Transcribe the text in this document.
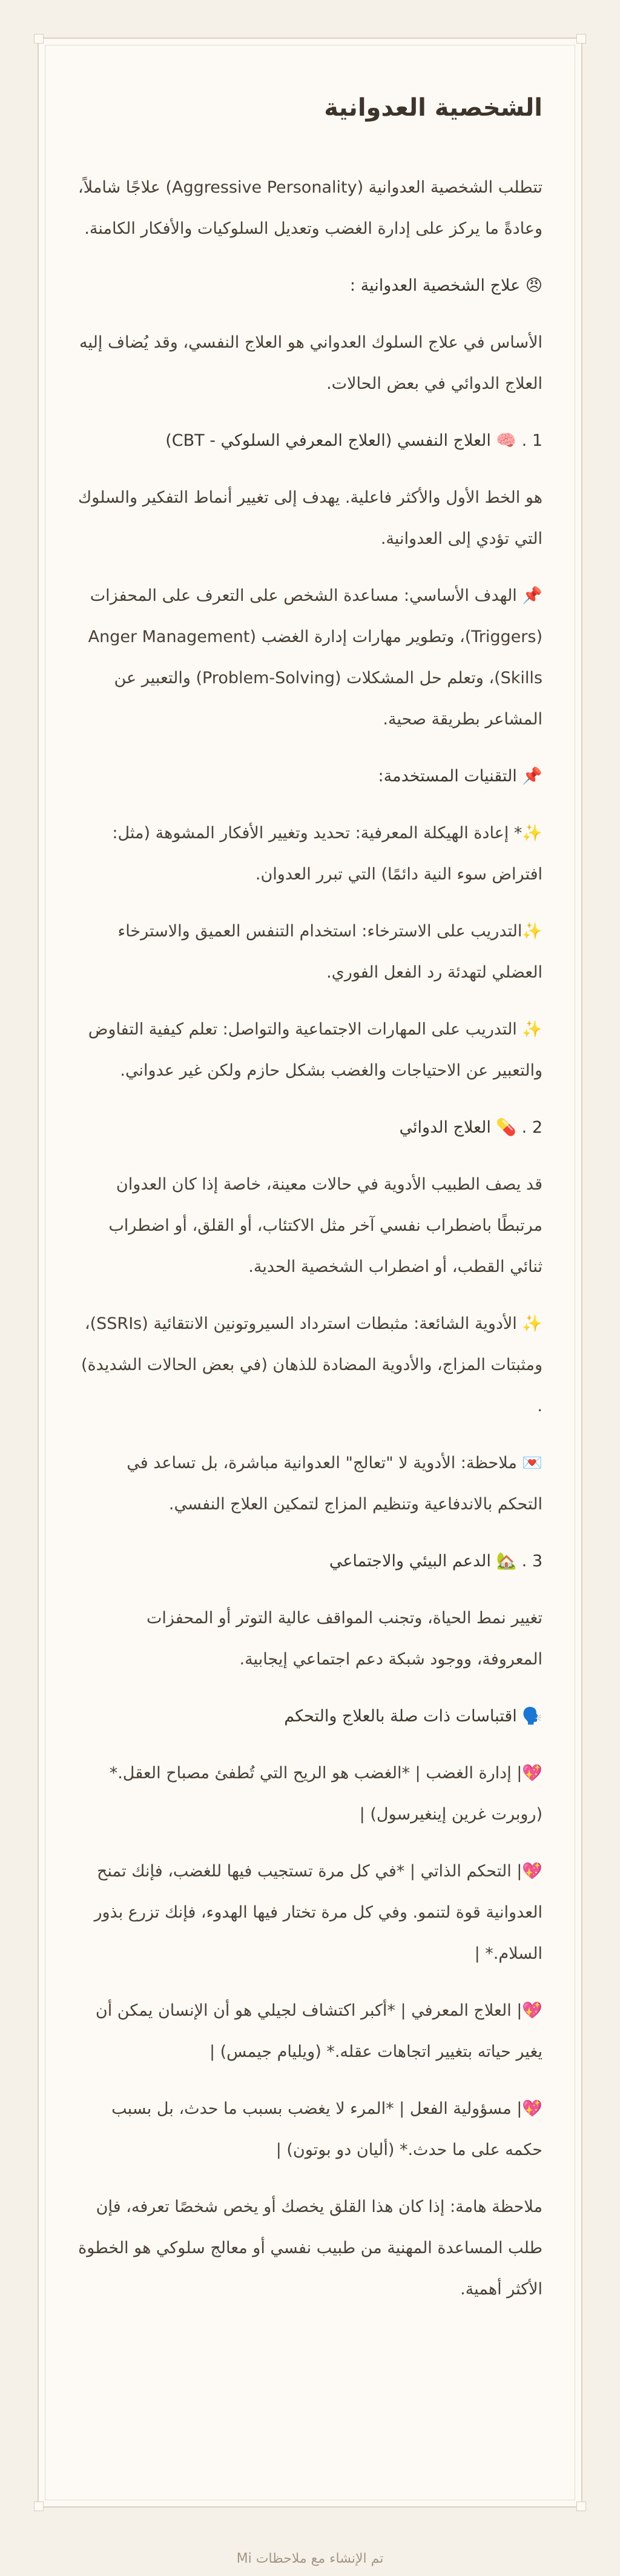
الشخصية العدوانية

تتطلب الشخصية العدوانية (Aggressive Personality) علاجًا شاملاً، وعادةً ما يركز على إدارة الغضب وتعديل السلوكيات والأفكار الكامنة.

😠 علاج الشخصية العدوانية :

الأساس في علاج السلوك العدواني هو العلاج النفسي، وقد يُضاف إليه العلاج الدوائي في بعض الحالات.

1 . 🧠 العلاج النفسي (العلاج المعرفي السلوكي - CBT)

هو الخط الأول والأكثر فاعلية. يهدف إلى تغيير أنماط التفكير والسلوك التي تؤدي إلى العدوانية.

📌 الهدف الأساسي: مساعدة الشخص على التعرف على المحفزات (Triggers)، وتطوير مهارات إدارة الغضب (Anger Management Skills)، وتعلم حل المشكلات (Problem-Solving) والتعبير عن المشاعر بطريقة صحية.

📌 التقنيات المستخدمة:

✨* إعادة الهيكلة المعرفية: تحديد وتغيير الأفكار المشوهة (مثل: افتراض سوء النية دائمًا) التي تبرر العدوان.

✨التدريب على الاسترخاء: استخدام التنفس العميق والاسترخاء العضلي لتهدئة رد الفعل الفوري.

✨ التدريب على المهارات الاجتماعية والتواصل: تعلم كيفية التفاوض والتعبير عن الاحتياجات والغضب بشكل حازم ولكن غير عدواني.

2 . 💊 العلاج الدوائي

قد يصف الطبيب الأدوية في حالات معينة، خاصة إذا كان العدوان مرتبطًا باضطراب نفسي آخر مثل الاكتئاب، أو القلق، أو اضطراب ثنائي القطب، أو اضطراب الشخصية الحدية.

✨ الأدوية الشائعة: مثبطات استرداد السيروتونين الانتقائية (SSRIs)، ومثبتات المزاج، والأدوية المضادة للذهان (في بعض الحالات الشديدة) .

💌 ملاحظة: الأدوية لا "تعالج" العدوانية مباشرة، بل تساعد في التحكم بالاندفاعية وتنظيم المزاج لتمكين العلاج النفسي.

3 . 🏡 الدعم البيئي والاجتماعي

تغيير نمط الحياة، وتجنب المواقف عالية التوتر أو المحفزات المعروفة، ووجود شبكة دعم اجتماعي إيجابية.

🗣️ اقتباسات ذات صلة بالعلاج والتحكم

💖| إدارة الغضب | *الغضب هو الريح التي تُطفئ مصباح العقل.* (روبرت غرين إينغيرسول) |

💖| التحكم الذاتي | *في كل مرة تستجيب فيها للغضب، فإنك تمنح العدوانية قوة لتنمو. وفي كل مرة تختار فيها الهدوء، فإنك تزرع بذور السلام.* |

💖| العلاج المعرفي | *أكبر اكتشاف لجيلي هو أن الإنسان يمكن أن يغير حياته بتغيير اتجاهات عقله.* (ويليام جيمس) |

💖| مسؤولية الفعل | *المرء لا يغضب بسبب ما حدث، بل بسبب حكمه على ما حدث.* (أليان دو بوتون) |

ملاحظة هامة: إذا كان هذا القلق يخصك أو يخص شخصًا تعرفه، فإن طلب المساعدة المهنية من طبيب نفسي أو معالج سلوكي هو الخطوة الأكثر أهمية.

تم الإنشاء مع ملاحظات Mi
